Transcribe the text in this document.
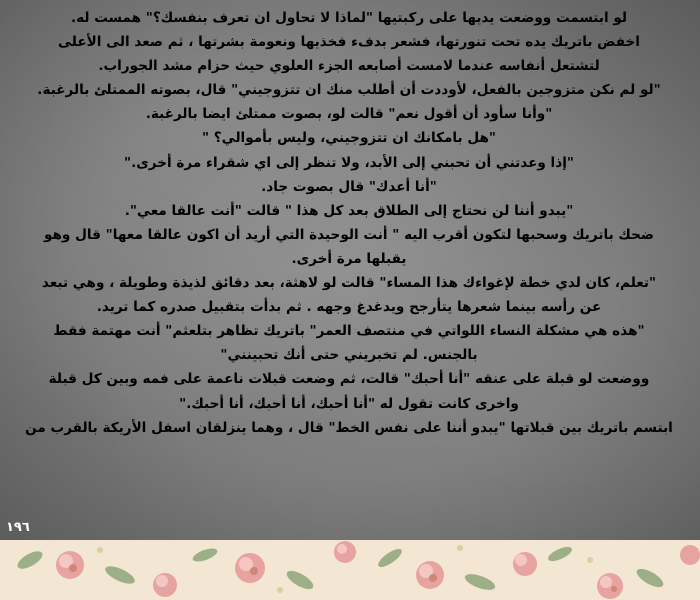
لو ابتسمت ووضعت يديها على ركبتيها "لماذا لا تحاول ان تعرف بنفسك؟" همست له.
اخفض باتريك يده تحت تنورتها، فشعر بدفء فخذيها ونعومة بشرتها ، ثم صعد الى الأعلى
لتشتعل أنفاسه عندما لامست أصابعه الجزء العلوي حيث حزام مشد الجوراب.
"لو لم نكن متزوجين بالفعل، لأوددت أن أطلب منك ان تتزوجيني" قال، بصوته الممتلئ بالرغبة.
"وأنا سأود أن أقول نعم" قالت لو، بصوت ممتلئ ايضا بالرغبة.
"هل بامكانك ان تتزوجيني، وليس بأموالي؟ "
"إذا وعدتني أن تحبني إلى الأبد، ولا تنظر إلى اي شقراء مرة أخرى."
"أنا أعدك" قال بصوت جاد.
"يبدو أننا لن نحتاج إلى الطلاق بعد كل هذا " قالت "أنت عالقا معي".
ضحك باتريك وسحبها لتكون أقرب اليه " أنت الوحيدة التي أريد أن اكون عالقا معها" قال وهو
يقبلها مرة أخرى.
"تعلم، كان لدي خطة لإغواءك هذا المساء" قالت لو لاهثة، بعد دقائق لذيذة وطويلة ، وهي تبعد
عن رأسه بينما شعرها يتأرجح ويدغدغ وجهه . ثم بدأت بتقبيل صدره كما تريد.
"هذه هي مشكلة النساء اللواتي في منتصف العمر" باتريك تظاهر بتلعثم" أنت مهتمة فقط
بالجنس. لم تخبريني حتى أنك تحبينني"
ووضعت لو قبلة على عنقه "أنا أحبك" قالت، ثم وضعت قبلات ناعمة على فمه وبين كل قبلة
واخرى كانت تقول له "أنا أحبك، أنا أحبك، أنا أحبك."
ابتسم باتريك بين قبلاتها "يبدو أننا على نفس الخط" قال ، وهما ينزلقان اسفل الأريكة بالقرب من
١٩٦
